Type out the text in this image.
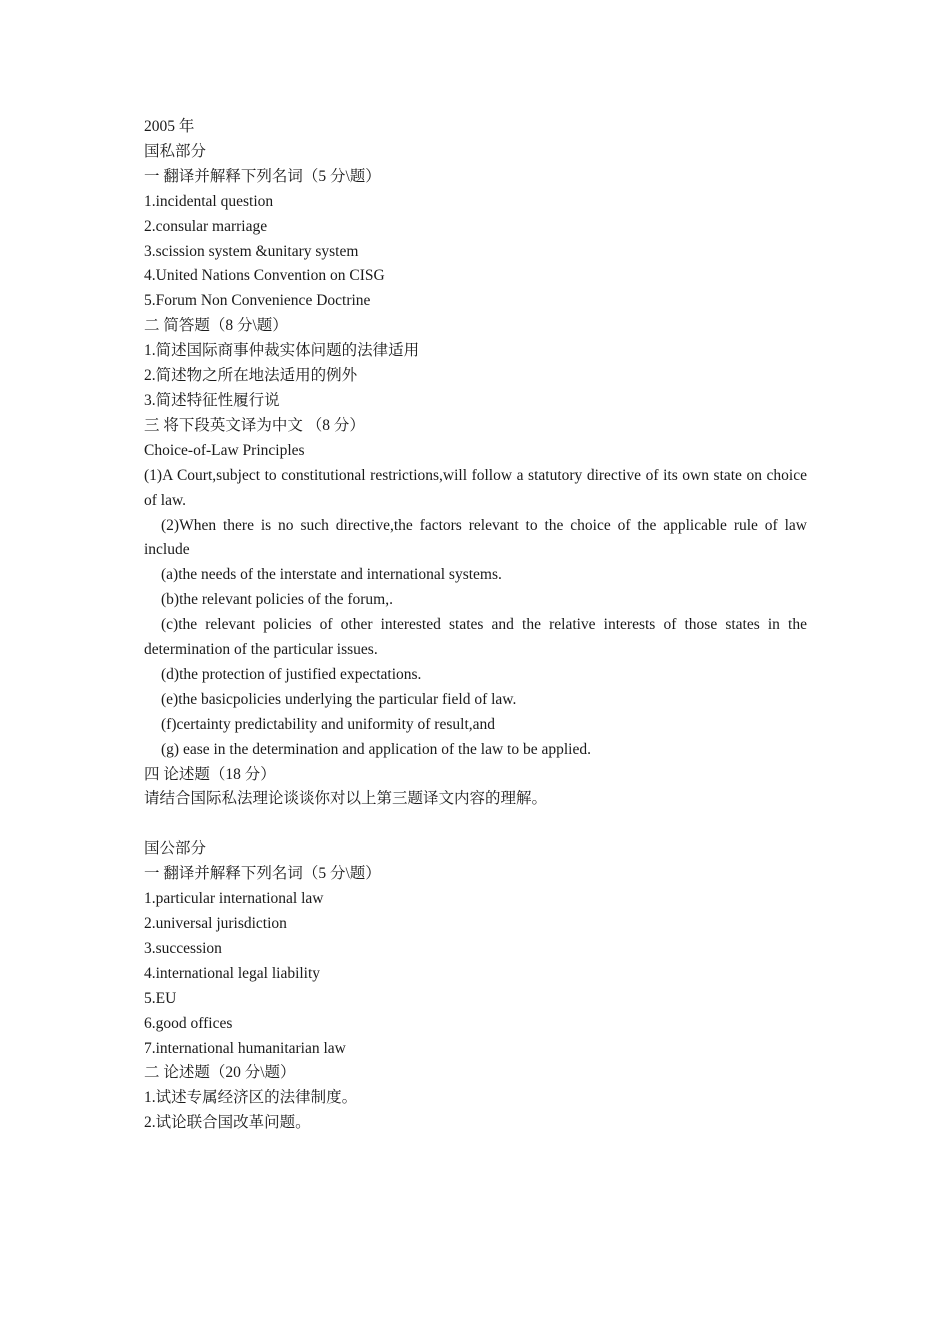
2005 年

国私部分

一 翻译并解释下列名词（5 分\题）

1.incidental question

2.consular marriage

3.scission system &unitary system

4.United Nations Convention on CISG

5.Forum Non Convenience Doctrine

二 简答题（8 分\题）

1.简述国际商事仲裁实体问题的法律适用

2.简述物之所在地法适用的例外

3.简述特征性履行说

三 将下段英文译为中文 （8 分）

Choice-of-Law Principles

(1)A Court,subject to constitutional restrictions,will follow a statutory directive of its own state on choice of law.

(2)When there is no such directive,the factors relevant to the choice of the applicable rule of law include

(a)the needs of the interstate and international systems.

(b)the relevant policies of the forum,.

(c)the relevant policies of other interested states and the relative interests of those states in the determination of the particular issues.

(d)the protection of justified expectations.

(e)the basicpolicies underlying the particular field of law.

(f)certainty predictability and uniformity of result,and

(g) ease in the determination and application of the law to be applied.

四 论述题（18 分）

请结合国际私法理论谈谈你对以上第三题译文内容的理解。

国公部分

一 翻译并解释下列名词（5 分\题）

1.particular international law

2.universal jurisdiction

3.succession

4.international legal liability

5.EU

6.good offices

7.international humanitarian law

二 论述题（20 分\题）

1.试述专属经济区的法律制度。

2.试论联合国改革问题。
